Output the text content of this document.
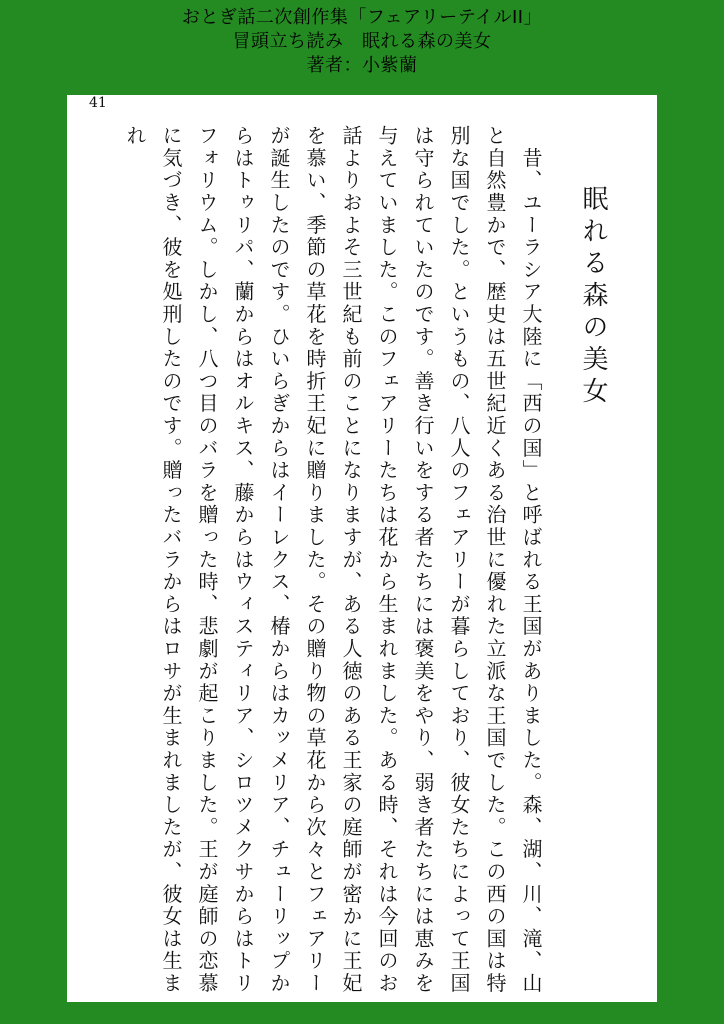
おとぎ話二次創作集「フェアリーテイルII」
冒頭立ち読み　眠れる森の美女
著者：小紫蘭
41
眠れる森の美女

　昔、ユーラシア大陸に「西の国」と呼ばれる王国がありました。森、湖、川、滝、山と自然豊かで、歴史は五世紀近くある治世に優れた立派な王国でした。この西の国は特別な国でした。というもの、八人のフェアリーが暮らしており、彼女たちによって王国は守られていたのです。善き行いをする者たちには褒美をやり、弱き者たちには恵みを与えていました。このフェアリーたちは花から生まれました。ある時、それは今回のお話よりおよそ三世紀も前のことになりますが、ある人徳のある王家の庭師が密かに王妃を慕い、季節の草花を時折王妃に贈りました。その贈り物の草花から次々とフェアリーが誕生したのです。ひいらぎからはイーレクス、椿からはカッメリア、チューリップからはトゥリパ、蘭からはオルキス、藤からはウィスティリア、シロツメクサからはトリフォリウム。しかし、八つ目のバラを贈った時、悲劇が起こりました。王が庭師の恋慕に気づき、彼を処刑したのです。贈ったバラからはロサが生まれましたが、彼女は生まれ
